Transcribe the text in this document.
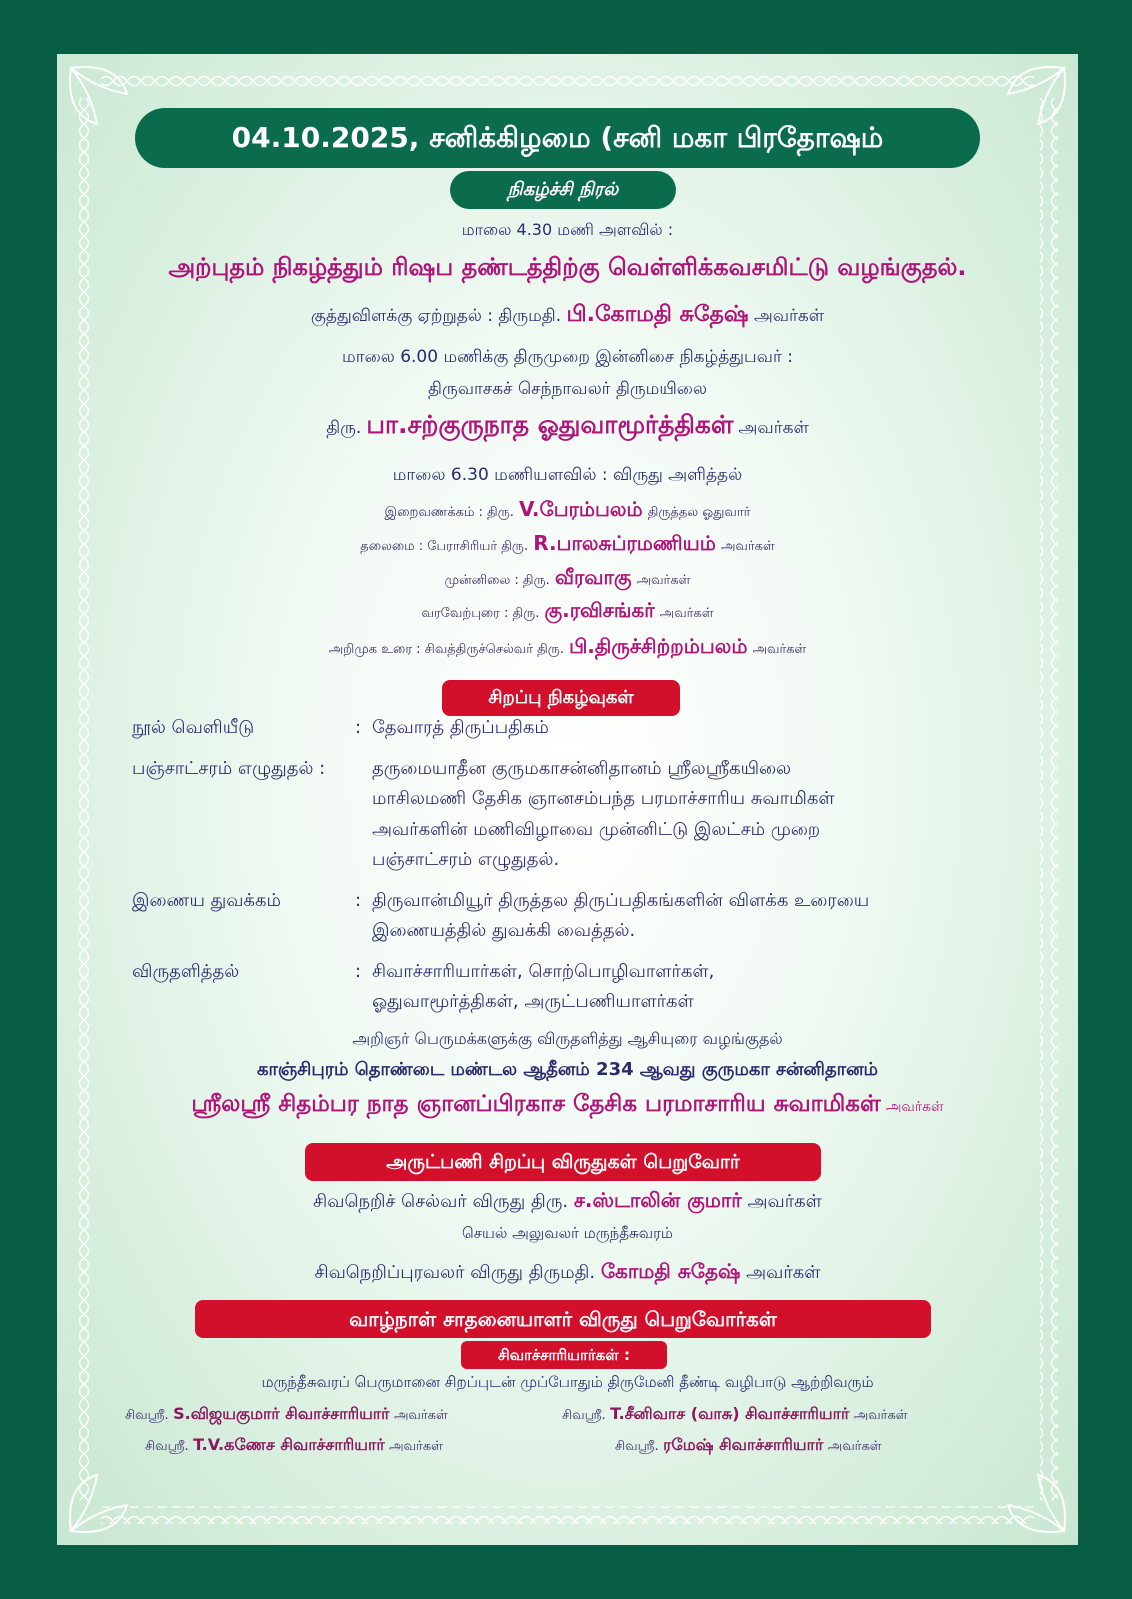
04.10.2025, சனிக்கிழமை (சனி மகா பிரதோஷம்
நிகழ்ச்சி நிரல்
மாலை 4.30 மணி அளவில் :
அற்புதம் நிகழ்த்தும் ரிஷப தண்டத்திற்கு வெள்ளிக்கவசமிட்டு வழங்குதல்.
குத்துவிளக்கு ஏற்றுதல் : திருமதி. பி.கோமதி சுதேஷ் அவர்கள்
மாலை 6.00 மணிக்கு திருமுறை இன்னிசை நிகழ்த்துபவர் :
திருவாசகச் செந்நாவலர் திருமயிலை
திரு. பா.சற்குருநாத ஓதுவாமூர்த்திகள் அவர்கள்
மாலை 6.30 மணியளவில் : விருது அளித்தல்
இறைவணக்கம் : திரு. V.பேரம்பலம் திருத்தல ஓதுவார்
தலைமை : பேராசிரியர் திரு. R.பாலசுப்ரமணியம் அவர்கள்
முன்னிலை : திரு. வீரவாகு அவர்கள்
வரவேற்புரை : திரு. கு.ரவிசங்கர் அவர்கள்
அறிமுக உரை : சிவத்திருச்செல்வர் திரு. பி.திருச்சிற்றம்பலம் அவர்கள்
சிறப்பு நிகழ்வுகள்
நூல் வெளியீடு	: தேவாரத் திருப்பதிகம்
பஞ்சாட்சரம் எழுதுதல் :	தருமையாதீன குருமகாசன்னிதானம் ஸ்ரீலஸ்ரீகயிலை
மாசிலமணி தேசிக ஞானசம்பந்த பரமாச்சாரிய சுவாமிகள்
அவர்களின் மணிவிழாவை முன்னிட்டு இலட்சம் முறை
பஞ்சாட்சரம் எழுதுதல்.
இணைய துவக்கம்	: திருவான்மியூர் திருத்தல திருப்பதிகங்களின் விளக்க உரையை
இணையத்தில் துவக்கி வைத்தல்.
விருதளித்தல்	: சிவாச்சாரியார்கள், சொற்பொழிவாளர்கள்,
ஓதுவாமூர்த்திகள், அருட்பணியாளர்கள்
அறிஞர் பெருமக்களுக்கு விருதளித்து ஆசியுரை வழங்குதல்
காஞ்சிபுரம் தொண்டை மண்டல ஆதீனம் 234 ஆவது குருமகா சன்னிதானம்
ஸ்ரீலஸ்ரீ சிதம்பர நாத ஞானப்பிரகாச தேசிக பரமாசாரிய சுவாமிகள் அவர்கள்
அருட்பணி சிறப்பு விருதுகள் பெறுவோர்
சிவநெறிச் செல்வர் விருது திரு. ச.ஸ்டாலின் குமார் அவர்கள்
செயல் அலுவலர் மருந்தீசுவரம்
சிவநெறிப்புரவலர் விருது திருமதி. கோமதி சுதேஷ் அவர்கள்
வாழ்நாள் சாதனையாளர் விருது பெறுவோர்கள்
சிவாச்சாரியார்கள் :
மருந்தீசுவரப் பெருமானை சிறப்புடன் முப்போதும் திருமேனி தீண்டி வழிபாடு ஆற்றிவரும்
சிவஸ்ரீ. S.விஜயகுமார் சிவாச்சாரியார் அவர்கள்	சிவஸ்ரீ. T.சீனிவாச (வாசு) சிவாச்சாரியார் அவர்கள்
சிவஸ்ரீ. T.V.கணேச சிவாச்சாரியார் அவர்கள்	சிவஸ்ரீ. ரமேஷ் சிவாச்சாரியார் அவர்கள்
